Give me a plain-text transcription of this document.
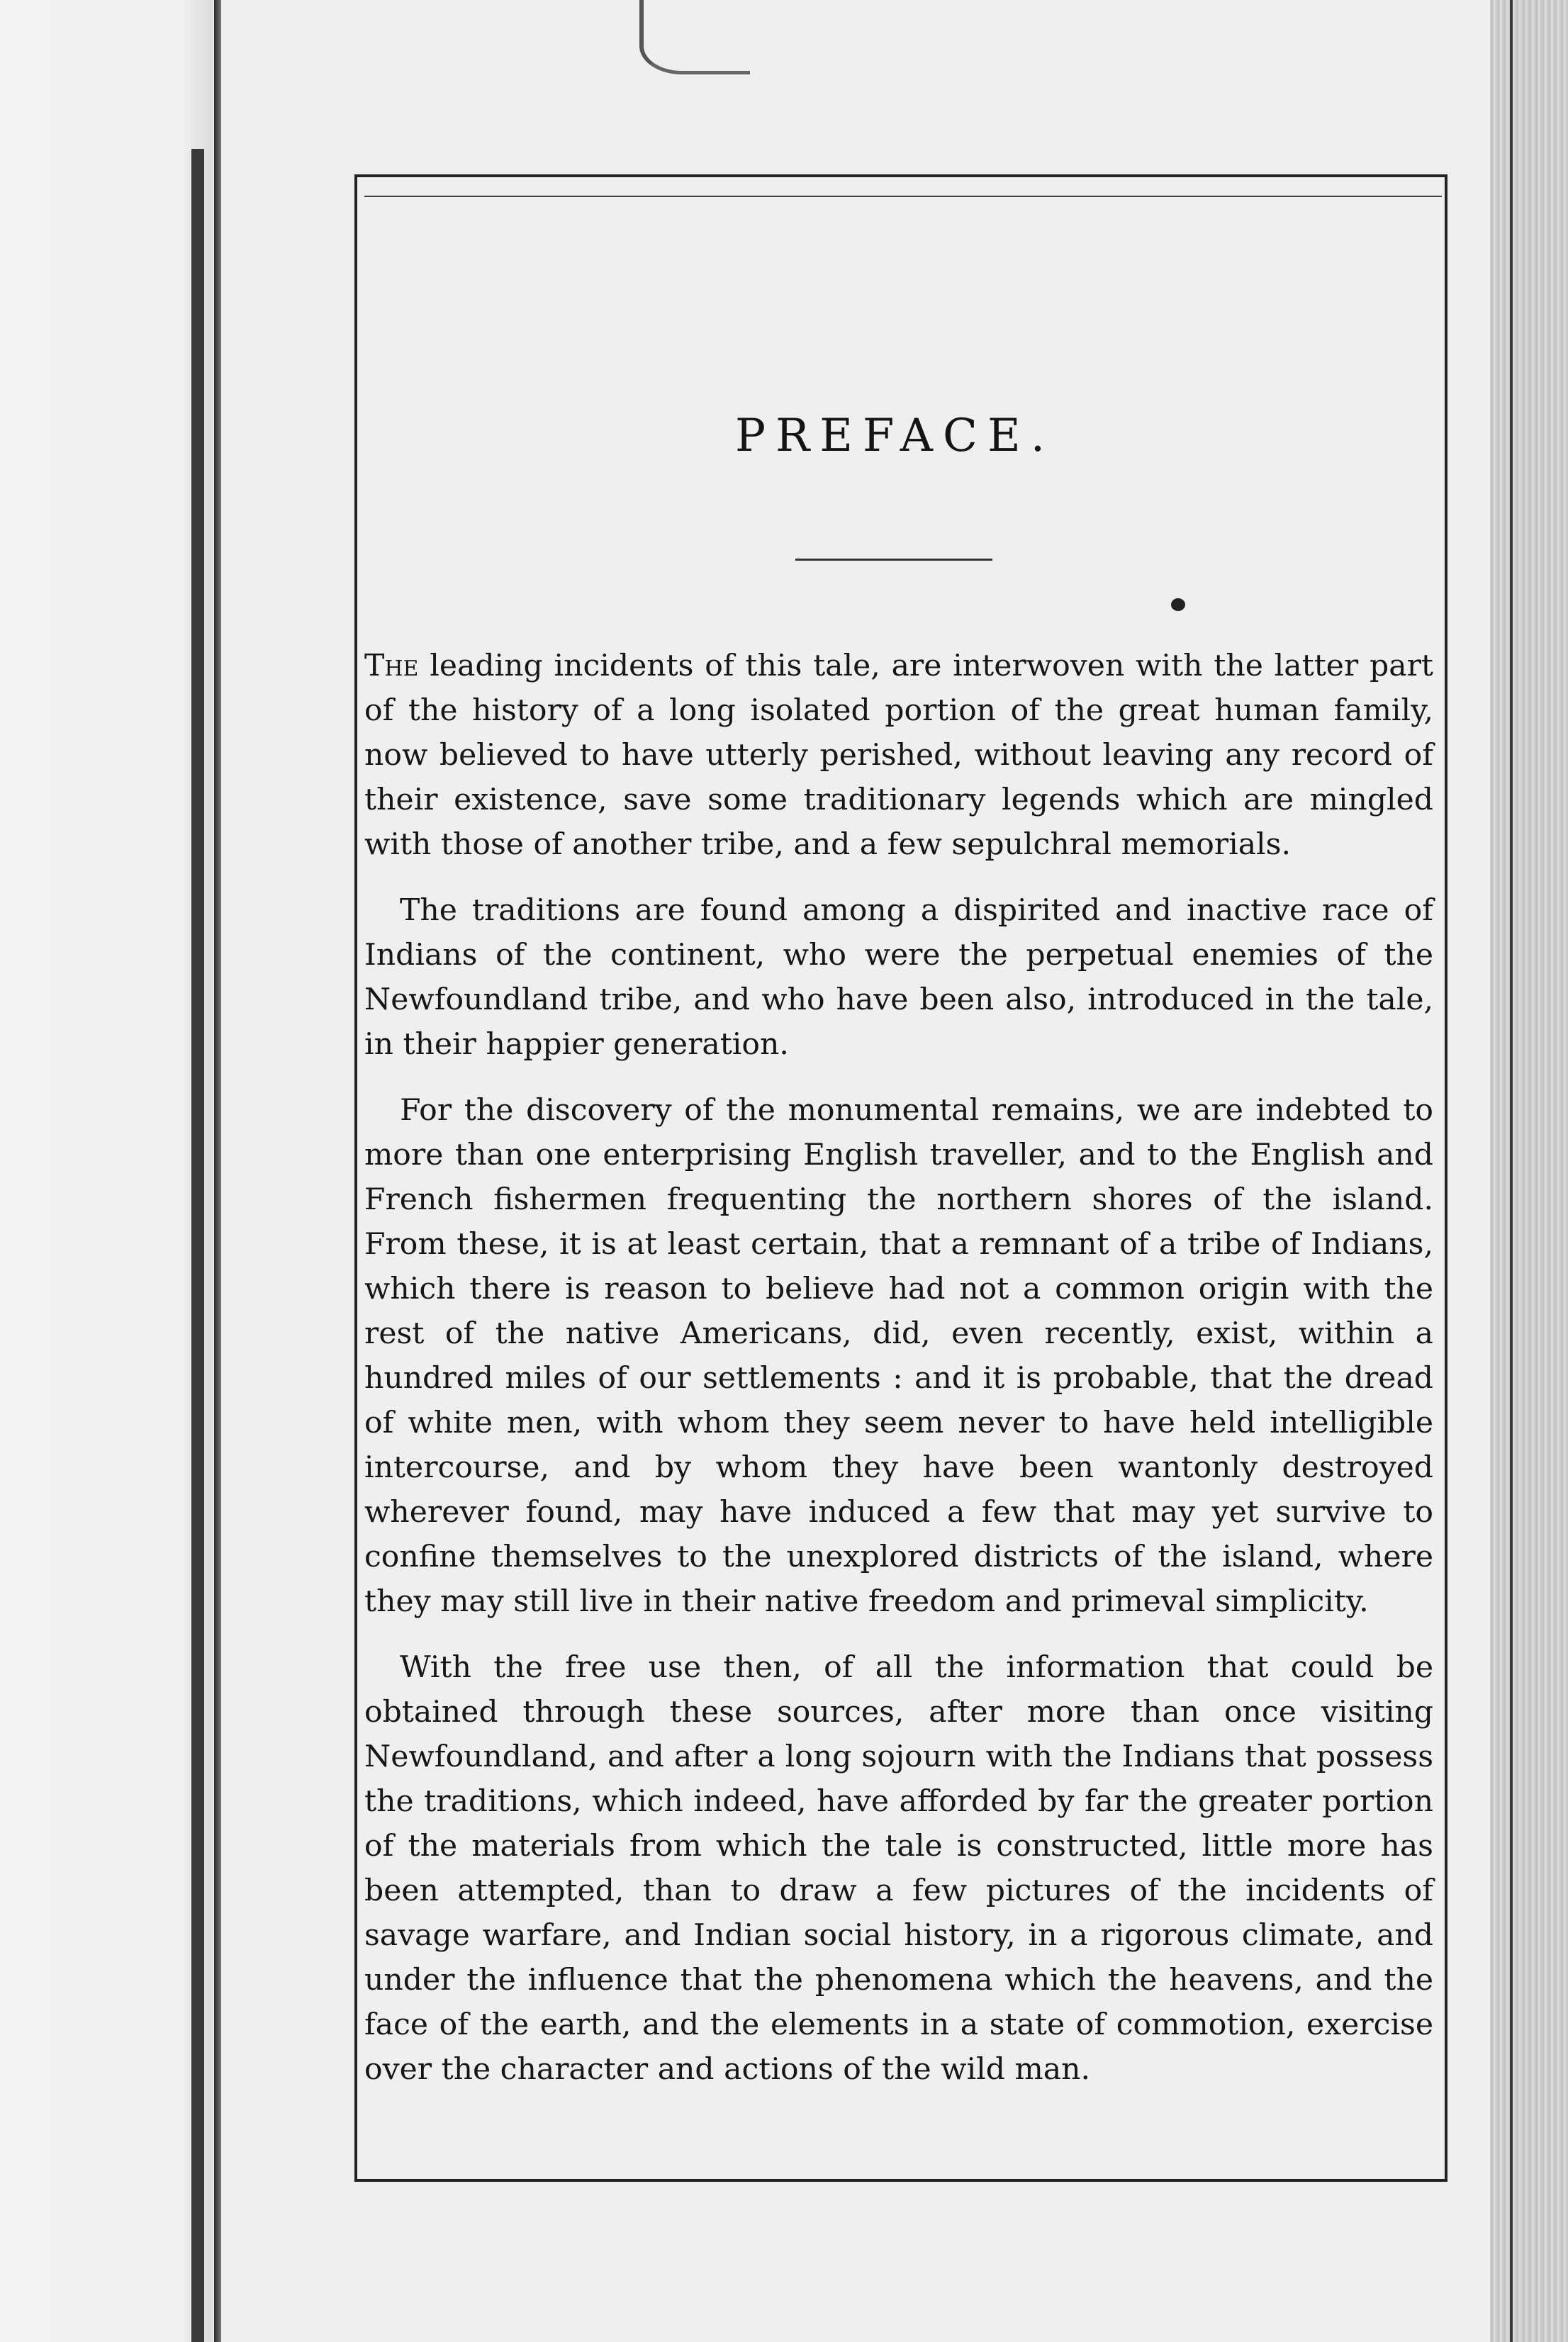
PREFACE.

The leading incidents of this tale, are interwoven with the latter part of the history of a long isolated portion of the great human family, now believed to have utterly perished, without leaving any record of their existence, save some traditionary legends which are mingled with those of another tribe, and a few sepulchral memorials.

The traditions are found among a dispirited and inactive race of Indians of the continent, who were the perpetual enemies of the Newfoundland tribe, and who have been also, introduced in the tale, in their happier generation.

For the discovery of the monumental remains, we are indebted to more than one enterprising English traveller, and to the English and French fishermen frequenting the northern shores of the island. From these, it is at least certain, that a remnant of a tribe of Indians, which there is reason to believe had not a common origin with the rest of the native Americans, did, even recently, exist, within a hundred miles of our settlements : and it is probable, that the dread of white men, with whom they seem never to have held intelligible intercourse, and by whom they have been wantonly destroyed wherever found, may have induced a few that may yet survive to confine themselves to the unexplored districts of the island, where they may still live in their native freedom and primeval simplicity.

With the free use then, of all the information that could be obtained through these sources, after more than once visiting Newfoundland, and after a long sojourn with the Indians that possess the traditions, which indeed, have afforded by far the greater portion of the materials from which the tale is constructed, little more has been attempted, than to draw a few pictures of the incidents of savage warfare, and Indian social history, in a rigorous climate, and under the influence that the phenomena which the heavens, and the face of the earth, and the elements in a state of commotion, exercise over the character and actions of the wild man.
